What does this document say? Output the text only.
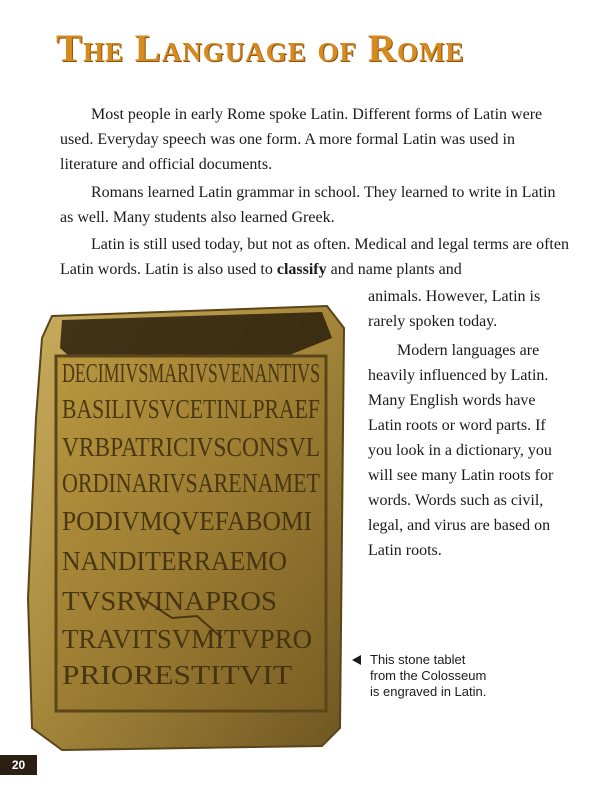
The Language of Rome

Most people in early Rome spoke Latin. Different forms of Latin were used. Everyday speech was one form. A more formal Latin was used in literature and official documents.

Romans learned Latin grammar in school. They learned to write in Latin as well. Many students also learned Greek.

Latin is still used today, but not as often. Medical and legal terms are often Latin words. Latin is also used to classify and name plants and

animals. However, Latin is rarely spoken today.

Modern languages are heavily influenced by Latin. Many English words have Latin roots or word parts. If you look in a dictionary, you will see many Latin roots for words. Words such as civil, legal, and virus are based on Latin roots.

DECIMIVSMARIVSVENANTIVS
BASILIVSVCETINLPRAEF
VRBPATRICIVSCONSVL
ORDINARIVSARENAMET
PODIVMQVEFABOMI
NANDITERRAEMO
TVSRVINAPROS
TRAVITSVMITVPRO
PRIORESTITVIT
This stone tablet
from the Colosseum
is engraved in Latin.
20
